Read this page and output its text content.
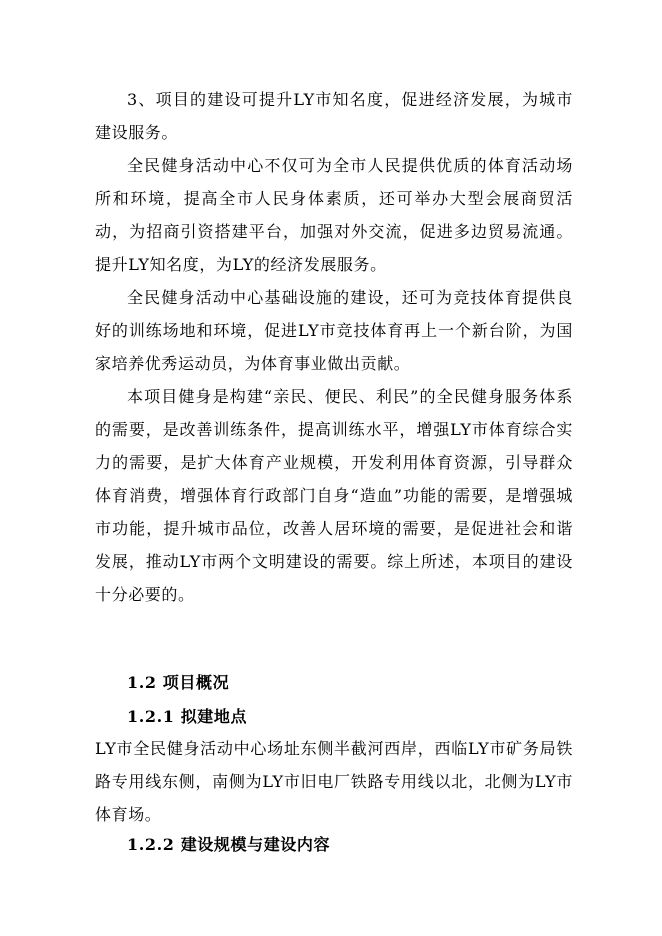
3、项目的建设可提升LY市知名度，促进经济发展，为城市建设服务。

全民健身活动中心不仅可为全市人民提供优质的体育活动场所和环境，提高全市人民身体素质，还可举办大型会展商贸活动，为招商引资搭建平台，加强对外交流，促进多边贸易流通。提升LY知名度，为LY的经济发展服务。

全民健身活动中心基础设施的建设，还可为竞技体育提供良好的训练场地和环境，促进LY市竞技体育再上一个新台阶，为国家培养优秀运动员，为体育事业做出贡献。

本项目健身是构建“亲民、便民、利民”的全民健身服务体系的需要，是改善训练条件，提高训练水平，增强LY市体育综合实力的需要，是扩大体育产业规模，开发利用体育资源，引导群众体育消费，增强体育行政部门自身“造血”功能的需要，是增强城市功能，提升城市品位，改善人居环境的需要，是促进社会和谐发展，推动LY市两个文明建设的需要。综上所述，本项目的建设十分必要的。

1.2 项目概况
1.2.1 拟建地点

LY市全民健身活动中心场址东侧半截河西岸，西临LY市矿务局铁路专用线东侧，南侧为LY市旧电厂铁路专用线以北，北侧为LY市体育场。

1.2.2 建设规模与建设内容
